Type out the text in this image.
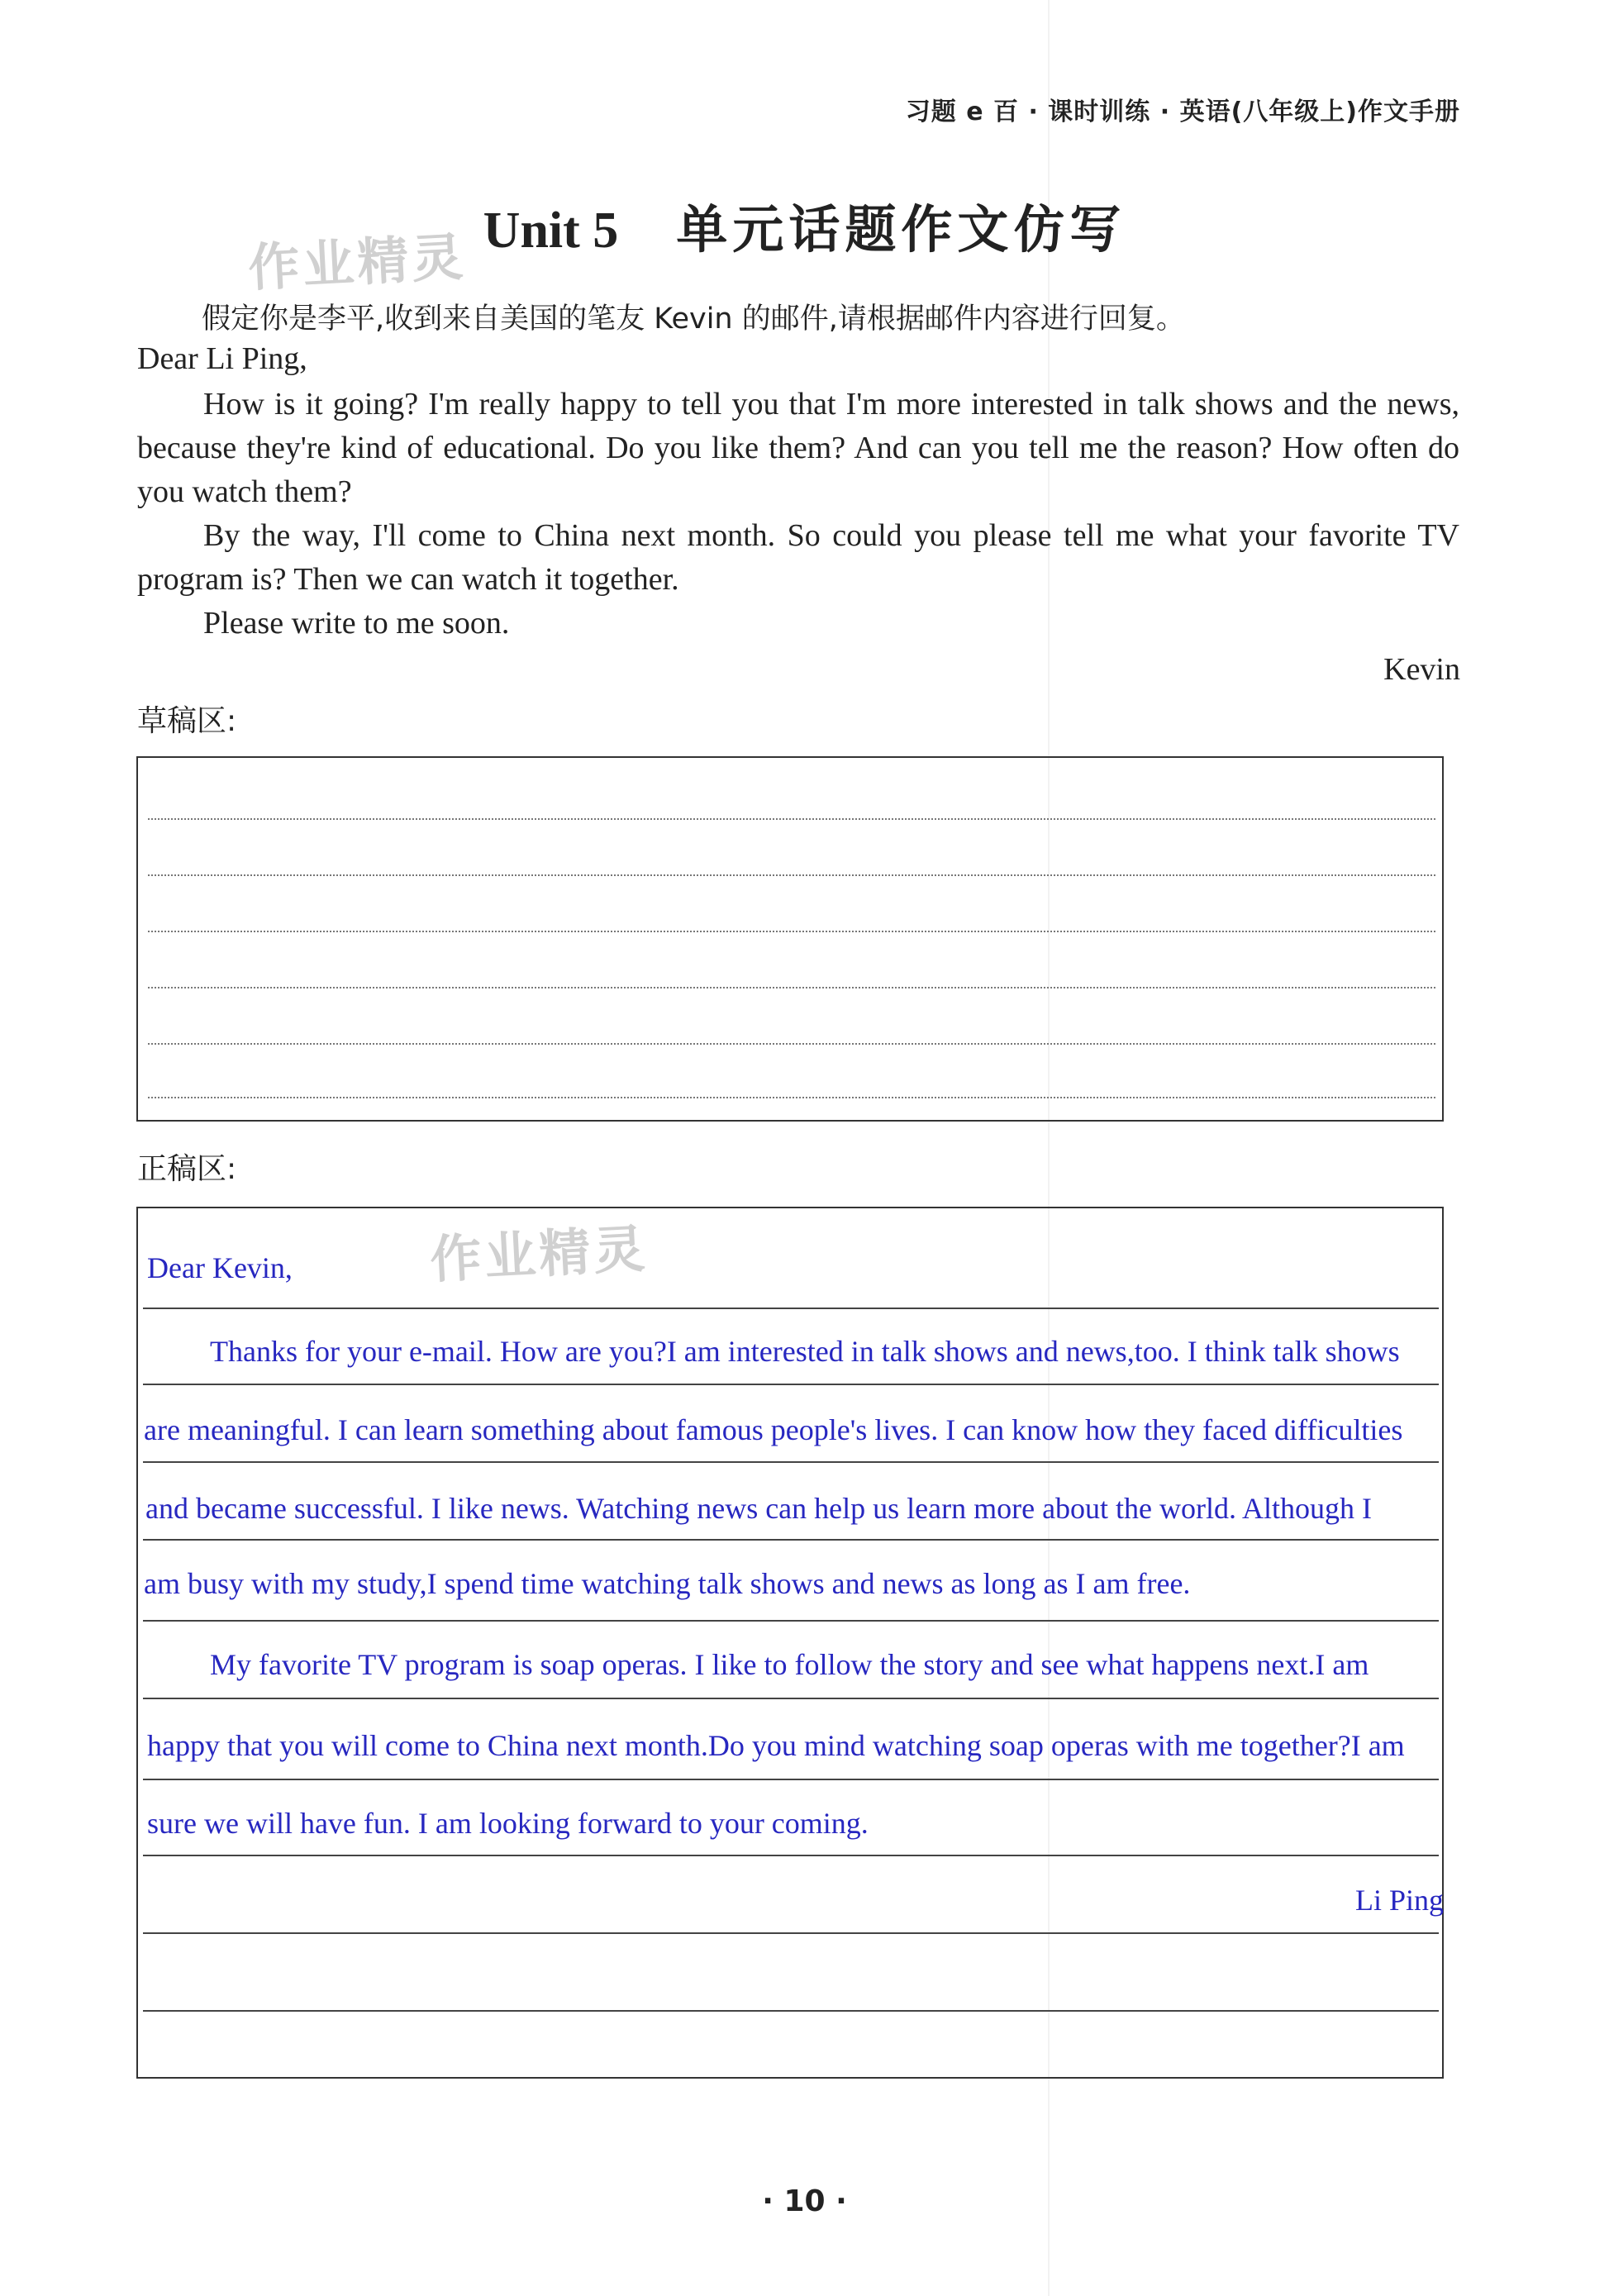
习题 e 百 · 课时训练 · 英语(八年级上)作文手册
Unit 5 单元话题作文仿写
作业精灵
作业精灵
假定你是李平,收到来自美国的笔友 Kevin 的邮件,请根据邮件内容进行回复。
Dear Li Ping,
How is it going? I'm really happy to tell you that I'm more interested in talk shows and the news, because they're kind of educational. Do you like them? And can you tell me the reason? How often do you watch them?
By the way, I'll come to China next month. So could you please tell me what your favorite TV program is? Then we can watch it together.
Please write to me soon.
Kevin
草稿区:
正稿区:
Dear Kevin,
Thanks for your e-mail. How are you?I am interested in talk shows and news,too. I think talk shows
are meaningful. I can learn something about famous people's lives. I can know how they faced difficulties
and became successful. I like news. Watching news can help us learn more about the world. Although I
am busy with my study,I spend time watching talk shows and news as long as I am free.
My favorite TV program is soap operas. I like to follow the story and see what happens next.I am
happy that you will come to China next month.Do you mind watching soap operas with me together?I am
sure we will have fun. I am looking forward to your coming.
Li Ping
· 10 ·
